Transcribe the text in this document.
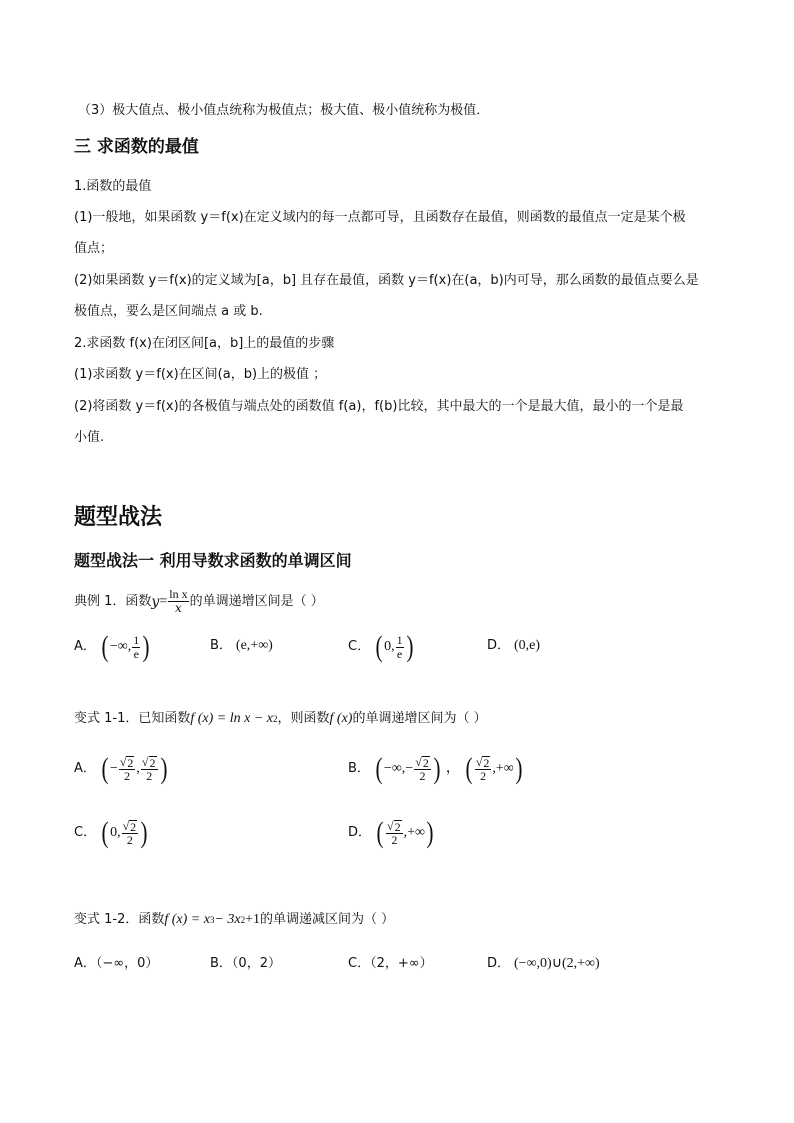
（3）极大值点、极小值点统称为极值点；极大值、极小值统称为极值．
三 求函数的最值
1.函数的最值
(1)一般地，如果函数 y＝f(x)在定义域内的每一点都可导，且函数存在最值，则函数的最值点一定是某个极
值点；
(2)如果函数 y＝f(x)的定义域为[a，b] 且存在最值，函数 y＝f(x)在(a，b)内可导，那么函数的最值点要么是
极值点，要么是区间端点 a 或 b.
2.求函数 f(x)在闭区间[a，b]上的最值的步骤
(1)求函数 y＝f(x)在区间(a，b)上的极值 ；
(2)将函数 y＝f(x)的各极值与端点处的函数值 f(a)，f(b)比较，其中最大的一个是最大值，最小的一个是最
小值.
题型战法
题型战法一 利用导数求函数的单调区间
典例 1．函数 $y = \frac{\text{ln x}}{x}$ 的单调递增区间是（ ）
A． ( −∞, $\frac{1}{e}$ )	B． (e,+∞)	C． ( 0, $\frac{1}{e}$ )	D． (0,e)
变式 1-1．已知函数 f (x) = ln x − x 2 ，则函数 f (x) 的单调递增区间为（ ）
A． ( − $\frac{√ 2}{2}$ , $\frac{√ 2}{2}$ )	B． ( −∞, − $\frac{√ 2}{2}$ ) ， ( $\frac{√ 2}{2}$ ,+∞ )
C． ( 0, $\frac{√ 2}{2}$ )	D． ( $\frac{√ 2}{2}$ ,+∞ )
变式 1-2．函数 f (x) = x 3 − 3x 2 +1 的单调递减区间为（ ）
A．（−∞，0）	B．（0，2）	C．（2，+∞）	D． (−∞,0)∪(2,+∞)
